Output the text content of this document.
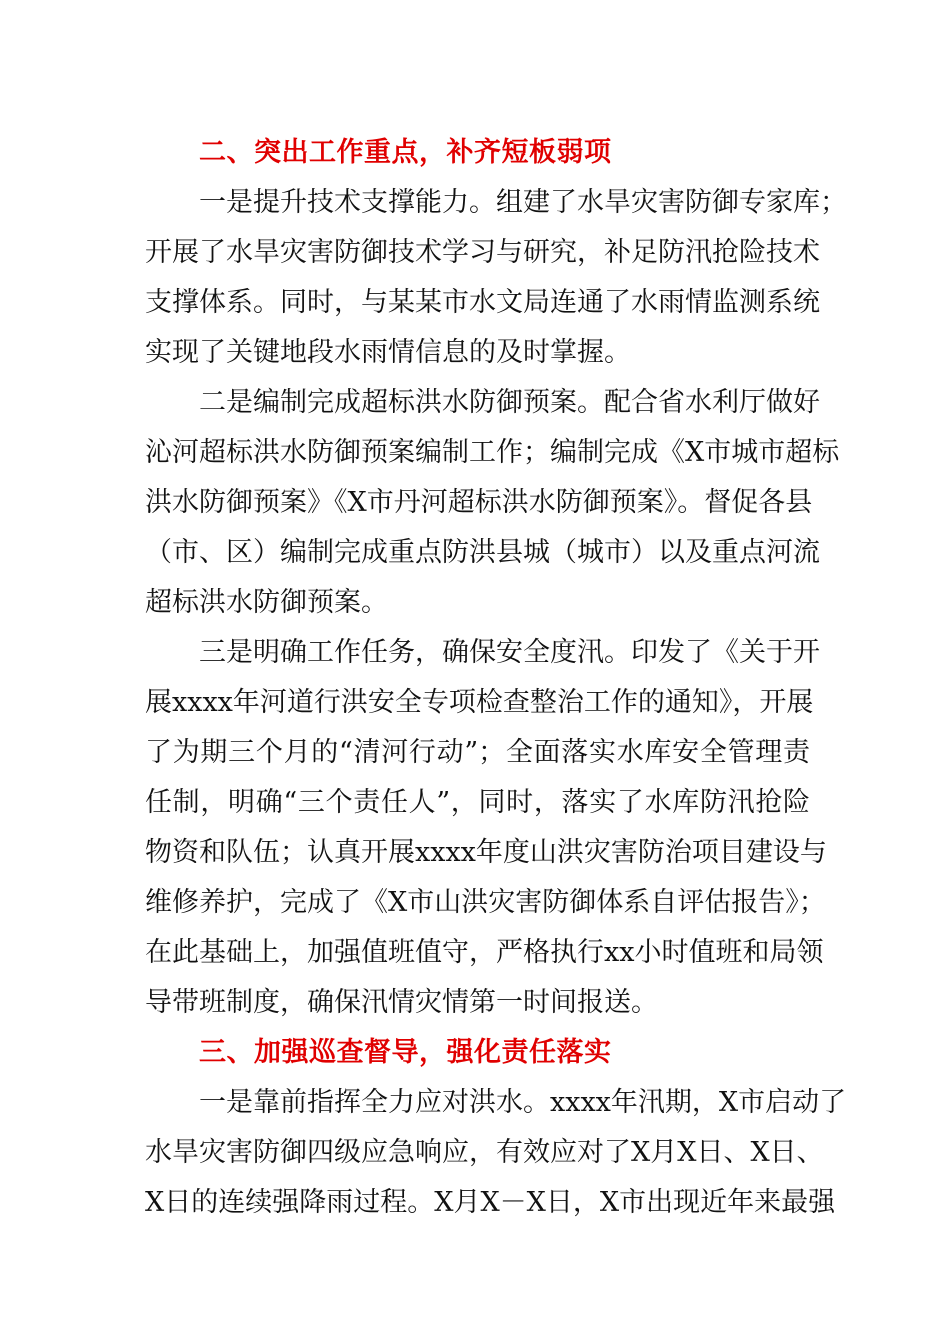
二、突出工作重点，补齐短板弱项
一是提升技术支撑能力。组建了水旱灾害防御专家库；
开展了水旱灾害防御技术学习与研究，补足防汛抢险技术
支撑体系。同时，与某某市水文局连通了水雨情监测系统
实现了关键地段水雨情信息的及时掌握。
二是编制完成超标洪水防御预案。配合省水利厅做好
沁河超标洪水防御预案编制工作；编制完成《X市城市超标
洪水防御预案》《X市丹河超标洪水防御预案》。督促各县
（市、区）编制完成重点防洪县城（城市）以及重点河流
超标洪水防御预案。
三是明确工作任务，确保安全度汛。印发了《关于开
展xxxx年河道行洪安全专项检查整治工作的通知》，开展
了为期三个月的“清河行动”；全面落实水库安全管理责
任制，明确“三个责任人”，同时，落实了水库防汛抢险
物资和队伍；认真开展xxxx年度山洪灾害防治项目建设与
维修养护，完成了《X市山洪灾害防御体系自评估报告》；
在此基础上，加强值班值守，严格执行xx小时值班和局领
导带班制度，确保汛情灾情第一时间报送。
三、加强巡查督导，强化责任落实
一是靠前指挥全力应对洪水。xxxx年汛期，X市启动了
水旱灾害防御四级应急响应，有效应对了X月X日、X日、
X日的连续强降雨过程。X月X－X日，X市出现近年来最强
